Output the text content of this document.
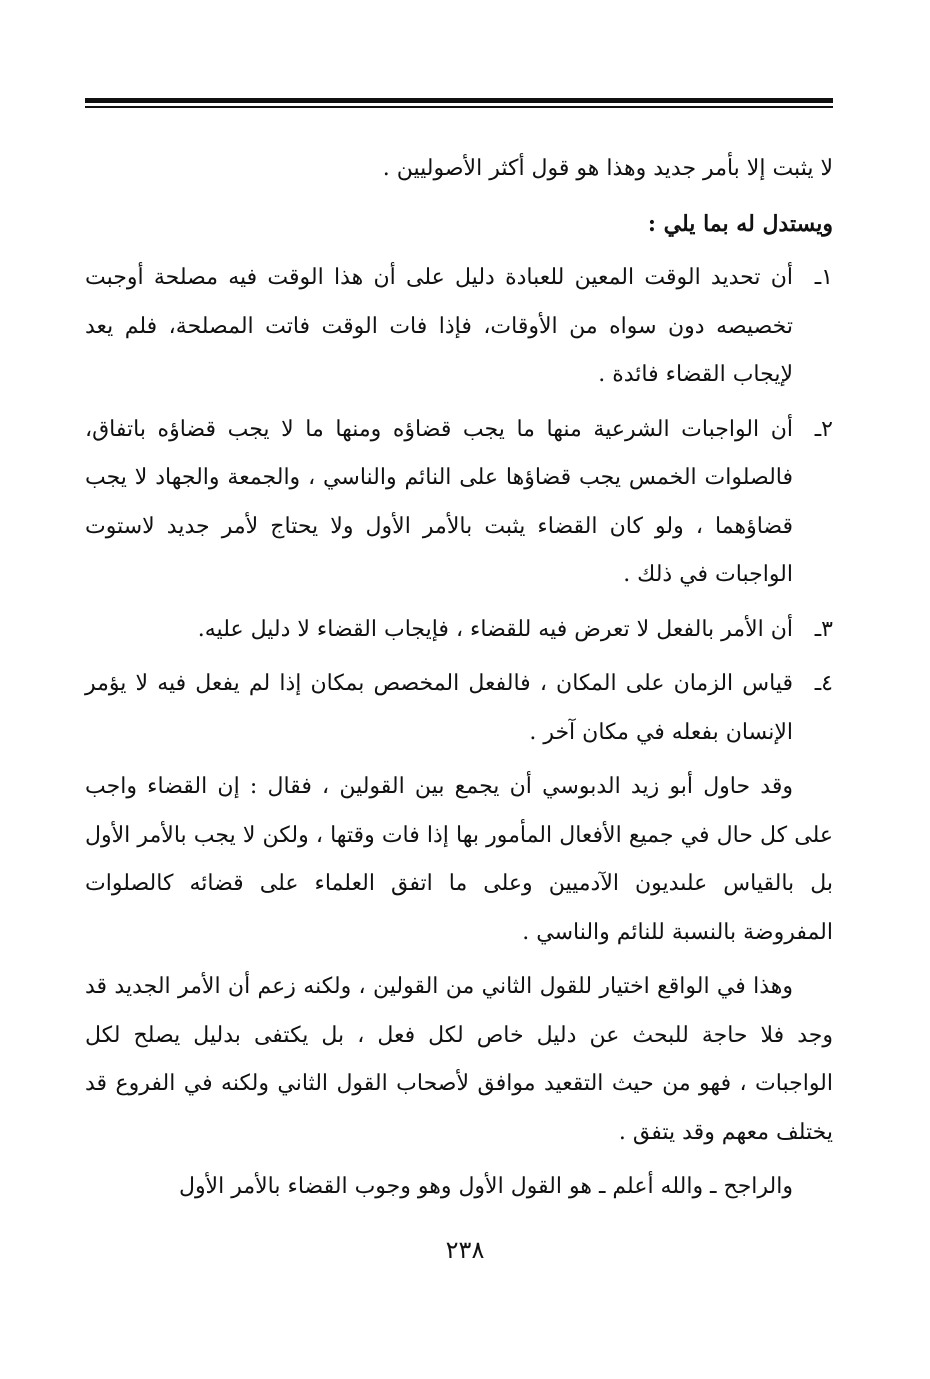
لا يثبت إلا بأمر جديد وهذا هو قول أكثر الأصوليين .

ويستدل له بما يلي :

١ـ
أن تحديد الوقت المعين للعبادة دليل على أن هذا الوقت فيه مصلحة أوجبت تخصيصه دون سواه من الأوقات، فإذا فات الوقت فاتت المصلحة، فلم يعد لإيجاب القضاء فائدة .
٢ـ
أن الواجبات الشرعية منها ما يجب قضاؤه ومنها ما لا يجب قضاؤه باتفاق، فالصلوات الخمس يجب قضاؤها على النائم والناسي ، والجمعة والجهاد لا يجب قضاؤهما ، ولو كان القضاء يثبت بالأمر الأول ولا يحتاج لأمر جديد لاستوت الواجبات في ذلك .
٣ـ
أن الأمر بالفعل لا تعرض فيه للقضاء ، فإيجاب القضاء لا دليل عليه.
٤ـ
قياس الزمان على المكان ، فالفعل المخصص بمكان إذا لم يفعل فيه لا يؤمر الإنسان بفعله في مكان آخر .

وقد حاول أبو زيد الدبوسي أن يجمع بين القولين ، فقال : إن القضاء واجب على كل حال في جميع الأفعال المأمور بها إذا فات وقتها ، ولكن لا يجب بالأمر الأول بل بالقياس علىديون الآدميين وعلى ما اتفق العلماء على قضائه كالصلوات المفروضة بالنسبة للنائم والناسي .

وهذا في الواقع اختيار للقول الثاني من القولين ، ولكنه زعم أن الأمر الجديد قد وجد فلا حاجة للبحث عن دليل خاص لكل فعل ، بل يكتفى بدليل يصلح لكل الواجبات ، فهو من حيث التقعيد موافق لأصحاب القول الثاني ولكنه في الفروع قد يختلف معهم وقد يتفق .

والراجح ـ والله أعلم ـ هو القول الأول وهو وجوب القضاء بالأمر الأول

٢٣٨
